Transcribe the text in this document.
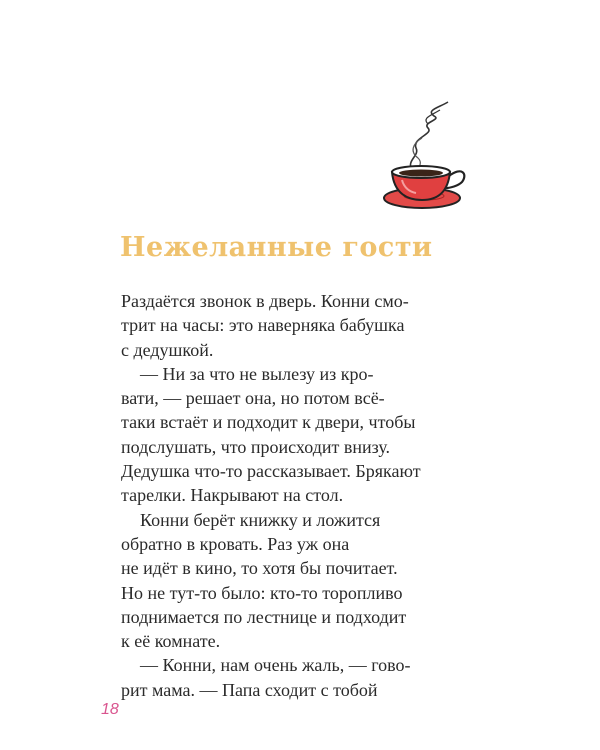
Нежеланные гости
Раздаётся звонок в дверь. Конни смо-
трит на часы: это наверняка бабушка
с дедушкой.
— Ни за что не вылезу из кро-
вати, — решает она, но потом всё-
таки встаёт и подходит к двери, чтобы
подслушать, что происходит внизу.
Дедушка что-то рассказывает. Брякают
тарелки. Накрывают на стол.
Конни берёт книжку и ложится
обратно в кровать. Раз уж она
не идёт в кино, то хотя бы почитает.
Но не тут-то было: кто-то торопливо
поднимается по лестнице и подходит
к её комнате.
— Конни, нам очень жаль, — гово-
рит мама. — Папа сходит с тобой
18
